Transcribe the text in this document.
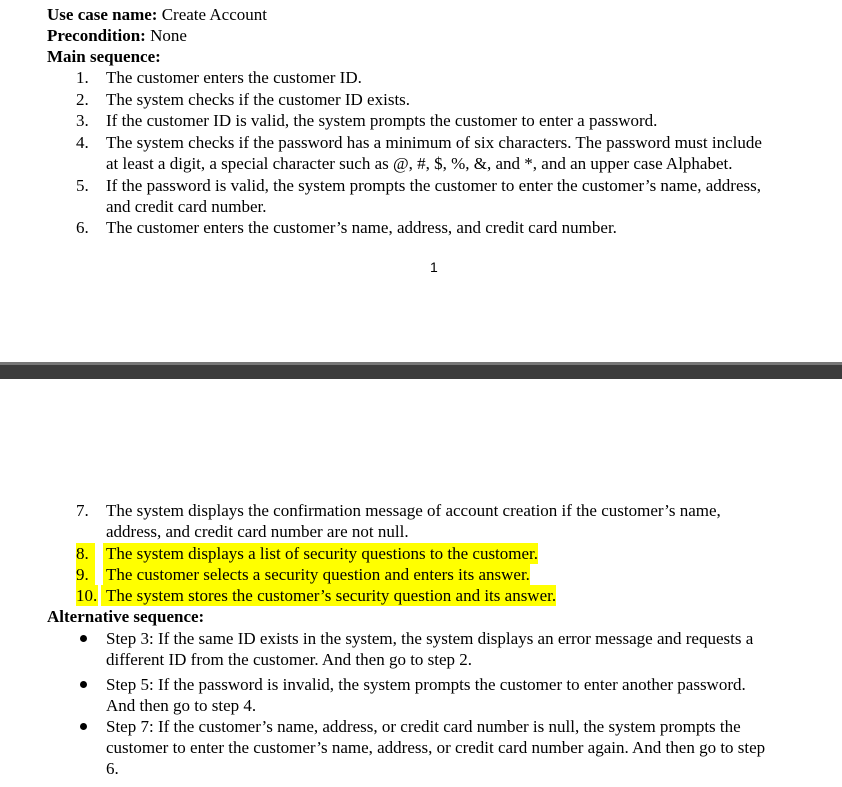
Use case name: Create Account
Precondition: None
Main sequence:
1. The customer enters the customer ID.
2. The system checks if the customer ID exists.
3. If the customer ID is valid, the system prompts the customer to enter a password.
4. The system checks if the password has a minimum of six characters. The password must include
at least a digit, a special character such as @, #, $, %, &, and *, and an upper case Alphabet.
5. If the password is valid, the system prompts the customer to enter the customer’s name, address,
and credit card number.
6. The customer enters the customer’s name, address, and credit card number.
1
7. The system displays the confirmation message of account creation if the customer’s name,
address, and credit card number are not null.
8.	The system displays a list of security questions to the customer.
9.	The customer selects a security question and enters its answer.
10. The system stores the customer’s security question and its answer.
Alternative sequence:
Step 3: If the same ID exists in the system, the system displays an error message and requests a
different ID from the customer. And then go to step 2.
Step 5: If the password is invalid, the system prompts the customer to enter another password.
And then go to step 4.
Step 7: If the customer’s name, address, or credit card number is null, the system prompts the
customer to enter the customer’s name, address, or credit card number again. And then go to step
6.
